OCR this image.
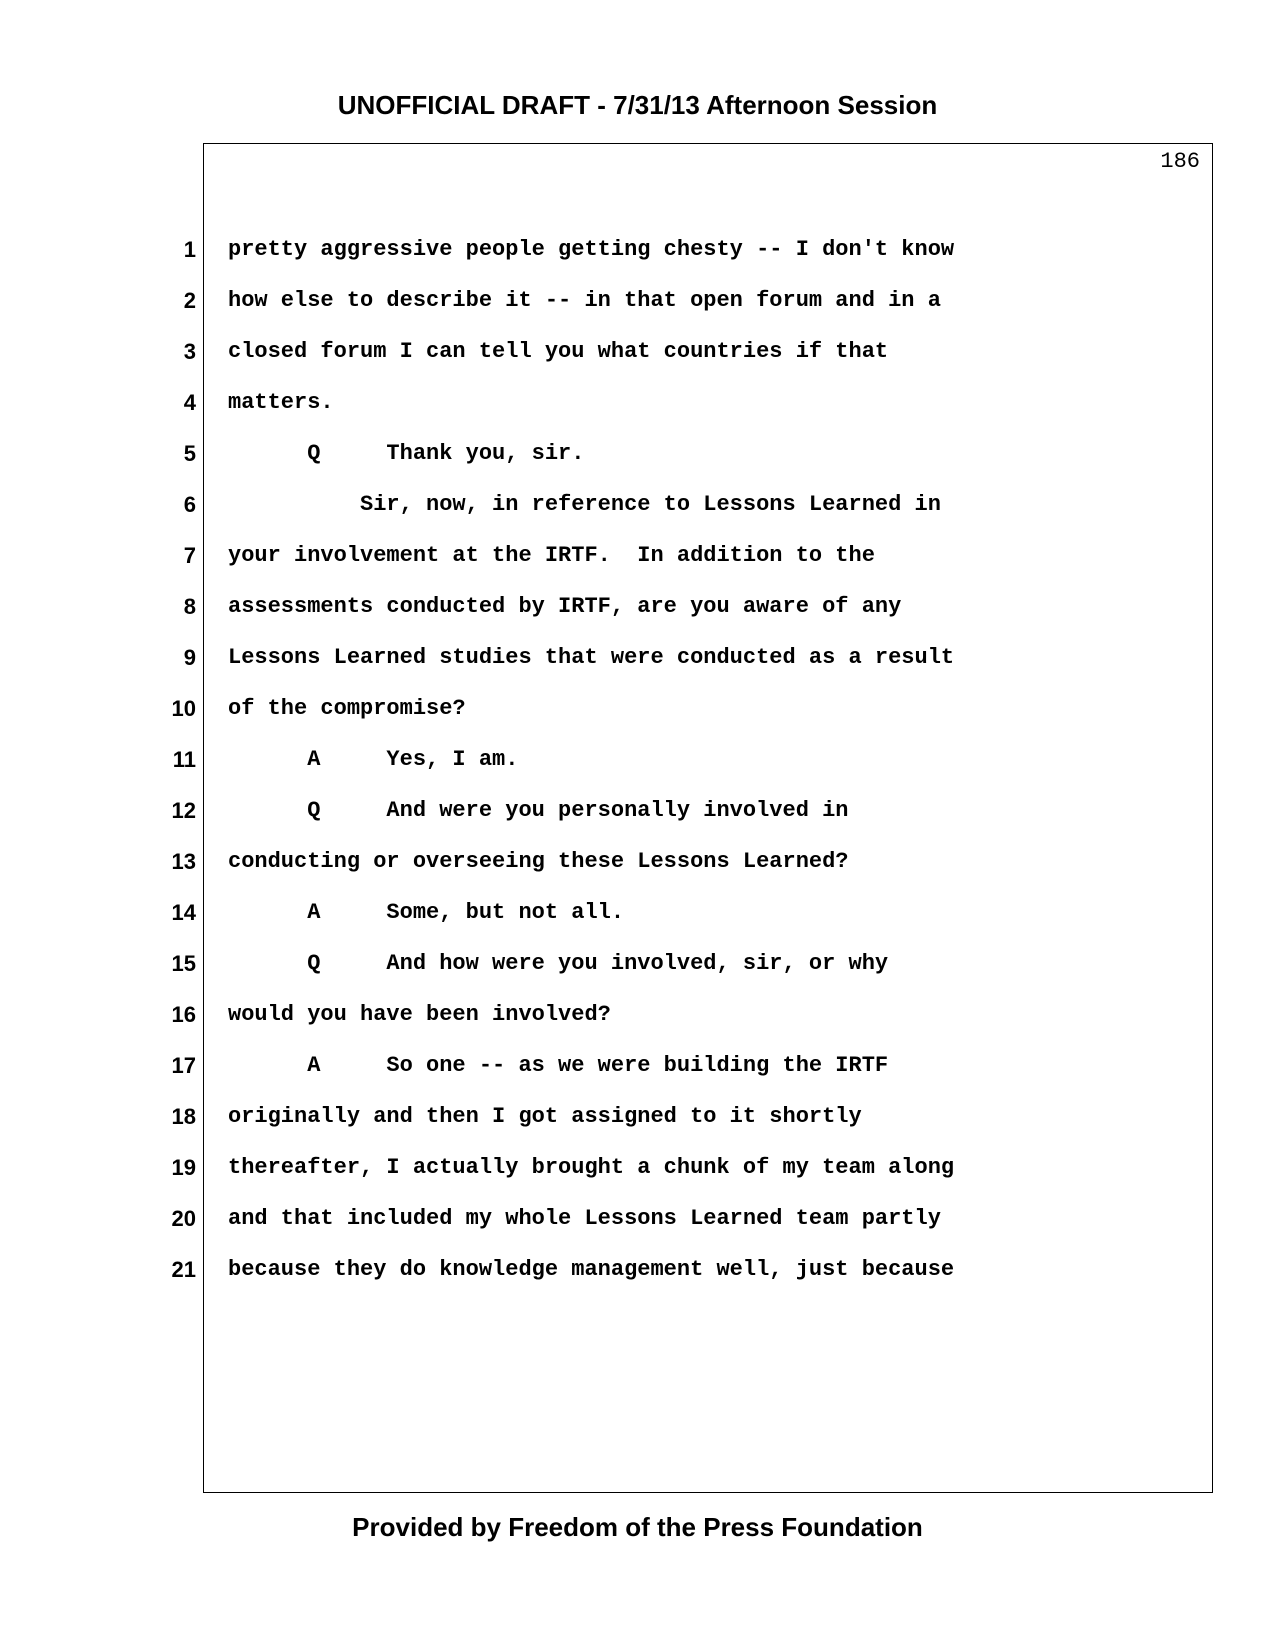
UNOFFICIAL DRAFT - 7/31/13 Afternoon Session
186
1 pretty aggressive people getting chesty -- I don't know
2 how else to describe it -- in that open forum and in a
3 closed forum I can tell you what countries if that
4 matters.
5 Q     Thank you, sir.
6 Sir, now, in reference to Lessons Learned in
7 your involvement at the IRTF.  In addition to the
8 assessments conducted by IRTF, are you aware of any
9 Lessons Learned studies that were conducted as a result
10 of the compromise?
11 A     Yes, I am.
12 Q     And were you personally involved in
13 conducting or overseeing these Lessons Learned?
14 A     Some, but not all.
15 Q     And how were you involved, sir, or why
16 would you have been involved?
17 A     So one -- as we were building the IRTF
18 originally and then I got assigned to it shortly
19 thereafter, I actually brought a chunk of my team along
20 and that included my whole Lessons Learned team partly
21 because they do knowledge management well, just because
Provided by Freedom of the Press Foundation
